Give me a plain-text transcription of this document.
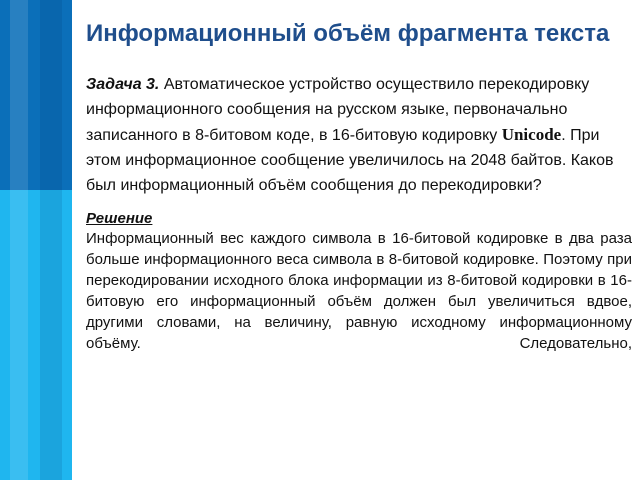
Информационный объём фрагмента текста

Задача 3. Автоматическое устройство осуществило перекодировку информационного сообщения на русском языке, первоначально записанного в 8-битовом коде, в 16-битовую кодировку Unicode. При этом информационное сообщение увеличилось на 2048 байтов. Каков был информационный объём сообщения до перекодировки?

Решение

Информационный вес каждого символа в 16-битовой кодировке в два раза больше информационного веса символа в 8-битовой кодировке. Поэтому при перекодировании исходного блока информации из 8-битовой кодировки в 16-битовую его информационный объём должен был увеличиться вдвое, другими словами, на величину, равную исходному информационному объёму. Следовательно,
